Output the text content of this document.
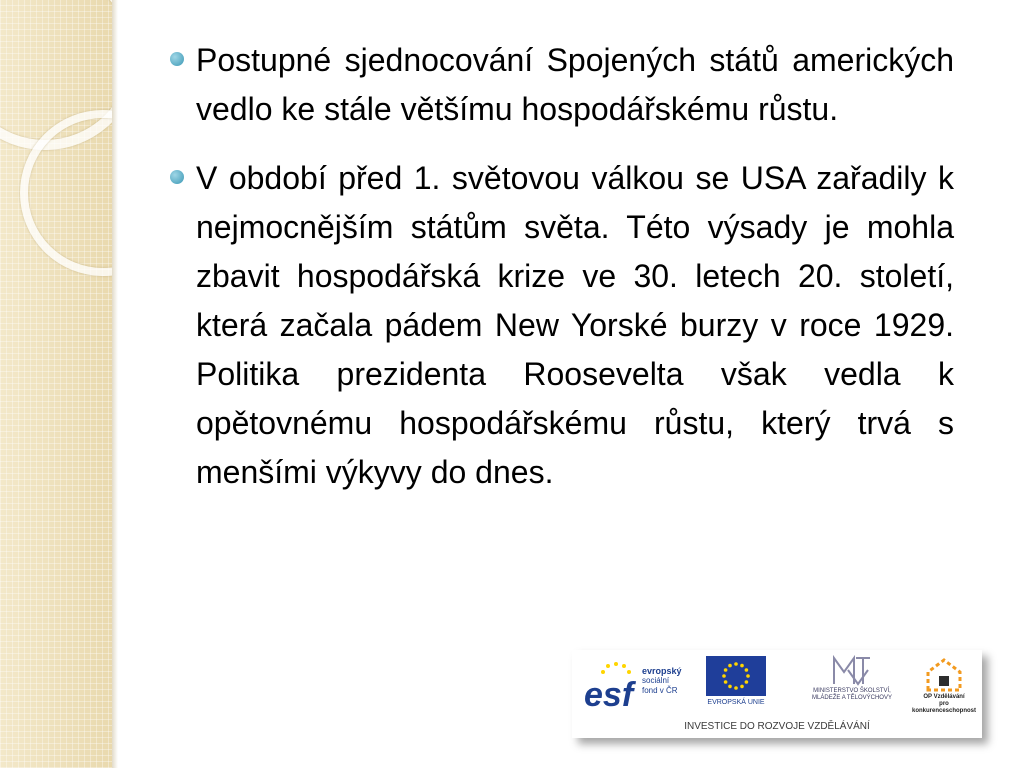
Postupné sjednocování Spojených států amerických vedlo ke stále většímu hospodářskému růstu.
V období před 1. světovou válkou se USA zařadily k nejmocnějším státům světa. Této výsady je mohla zbavit hospodářská krize ve 30. letech 20. století, která začala pádem New Yorské burzy v roce 1929. Politika prezidenta Roosevelta však vedla k opětovnému hospodářskému růstu, který trvá s menšími výkyvy do dnes.
esf
evropský
sociální
fond v ČR
EVROPSKÁ UNIE
MINISTERSTVO ŠKOLSTVÍ,
MLÁDEŽE A TĚLOVÝCHOVY	OP Vzdělávání
pro konkurenceschopnost
INVESTICE DO ROZVOJE VZDĚLÁVÁNÍ
